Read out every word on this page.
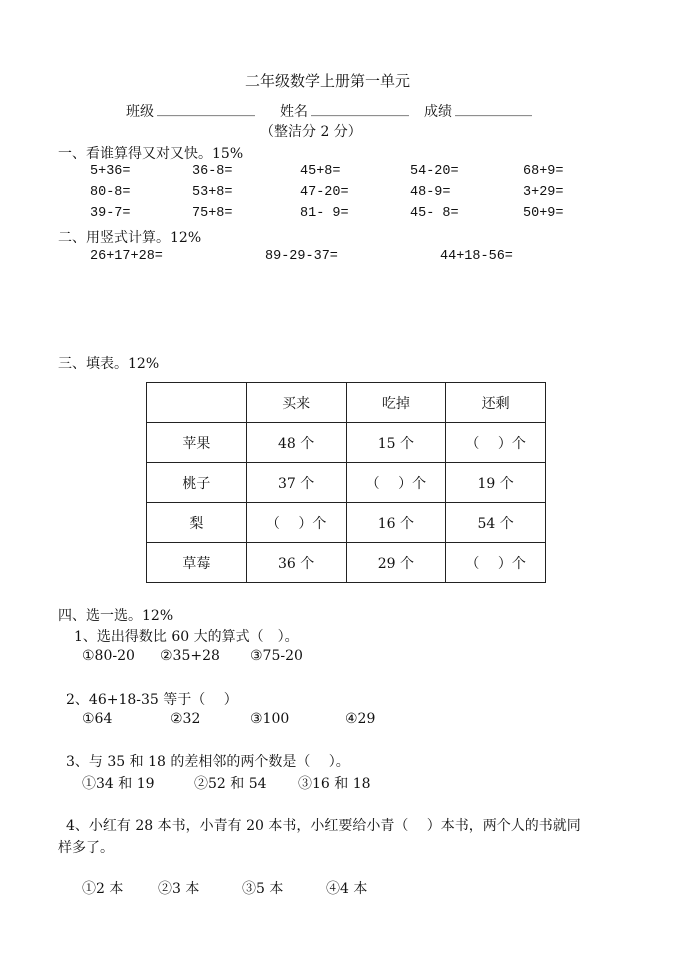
二年级数学上册第一单元
班级 ______________ 姓名 ______________ 成绩 ___________
（整洁分 2 分）
一、看谁算得又对又快。15%
5+36=	36-8=	45+8=	54-20=	68+9=
80-8=	53+8=	47-20=	48-9=	3+29=
39-7=	75+8=	81- 9=	45- 8=	50+9=
二、用竖式计算。12%
26+17+28=	89-29-37=	44+18-56=
三、填表。12%
	买来	吃掉	还剩
苹果	48 个	15 个	（　 ）个
桃子	37 个	（　 ）个	19 个
梨	（　 ）个	16 个	54 个
草莓	36 个	29 个	（　 ）个
四、选一选。12%
1、选出得数比 60 大的算式（　）。
①80-20 ②35+28 ③75-20
2、46+18-35 等于（　 ）
①64	②32	③100	④29
3、与 35 和 18 的差相邻的两个数是（　 ）。
①34 和 19	②52 和 54 ③16 和 18
4、小红有 28 本书，小青有 20 本书，小红要给小青（　 ）本书，两个人的书就同
样多了。
①2 本 ②3 本	③5 本	④4 本
